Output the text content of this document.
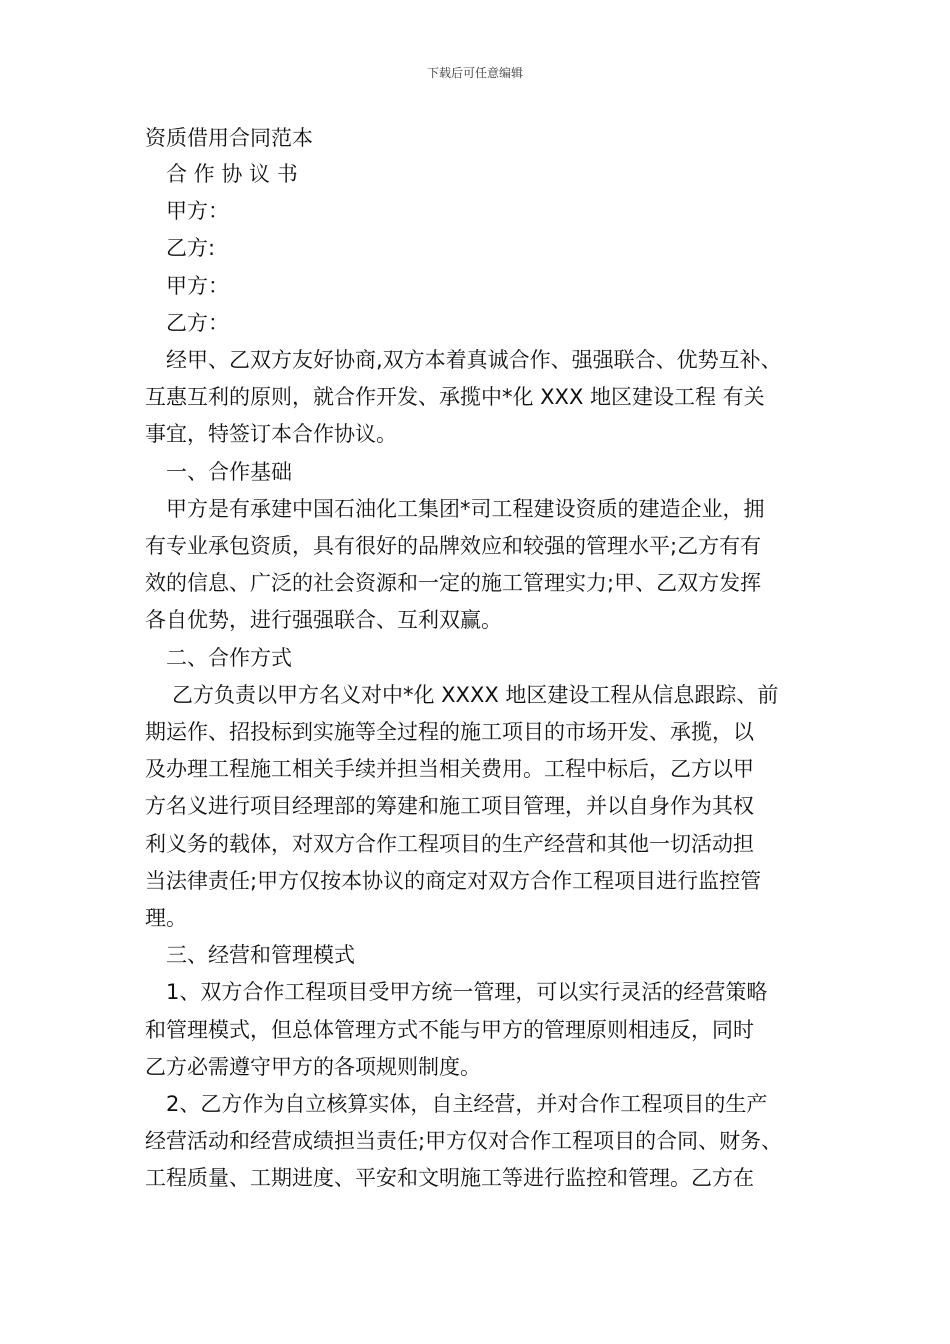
下载后可任意编辑
资质借用合同范本
合 作 协 议 书
甲方：
乙方:
甲方：
乙方：
经甲、乙双方友好协商,双方本着真诚合作、强强联合、优势互补、
互惠互利的原则，就合作开发、承揽中*化 XXX 地区建设工程 有关
事宜，特签订本合作协议。
一、合作基础
甲方是有承建中国石油化工集团*司工程建设资质的建造企业，拥
有专业承包资质，具有很好的品牌效应和较强的管理水平;乙方有有
效的信息、广泛的社会资源和一定的施工管理实力;甲、乙双方发挥
各自优势，进行强强联合、互利双赢。
二、合作方式
乙方负责以甲方名义对中*化 XXXX 地区建设工程从信息跟踪、前
期运作、招投标到实施等全过程的施工项目的市场开发、承揽，以
及办理工程施工相关手续并担当相关费用。工程中标后，乙方以甲
方名义进行项目经理部的筹建和施工项目管理，并以自身作为其权
利义务的载体，对双方合作工程项目的生产经营和其他一切活动担
当法律责任;甲方仅按本协议的商定对双方合作工程项目进行监控管
理。
三、经营和管理模式
1、双方合作工程项目受甲方统一管理，可以实行灵活的经营策略
和管理模式，但总体管理方式不能与甲方的管理原则相违反，同时
乙方必需遵守甲方的各项规则制度。
2、乙方作为自立核算实体，自主经营，并对合作工程项目的生产
经营活动和经营成绩担当责任;甲方仅对合作工程项目的合同、财务、
工程质量、工期进度、平安和文明施工等进行监控和管理。乙方在
